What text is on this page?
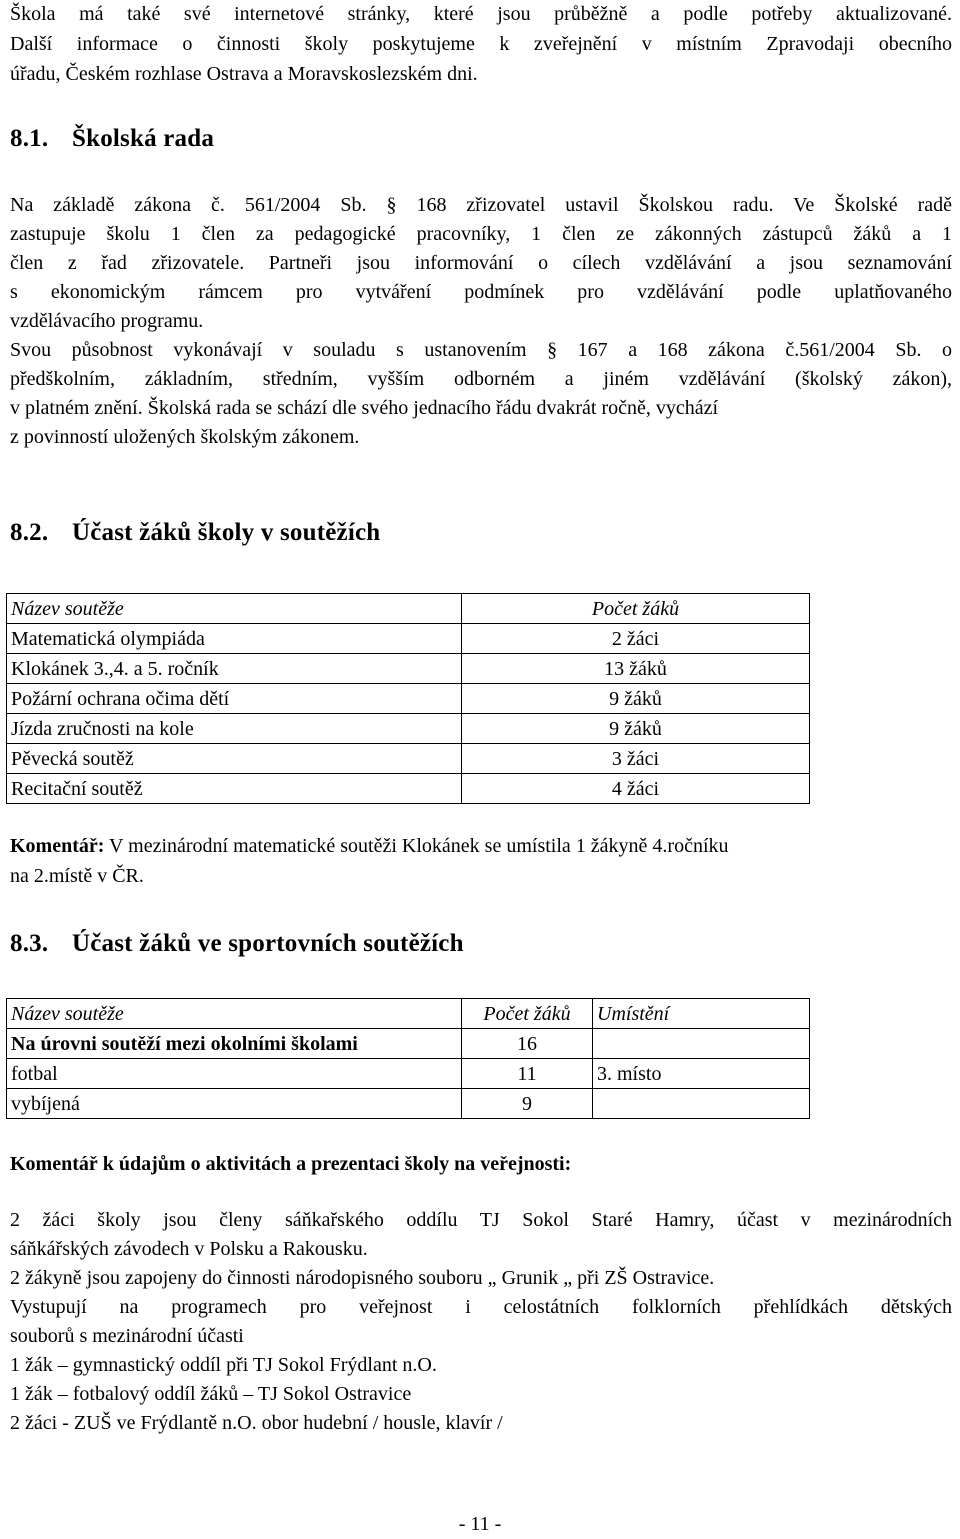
Škola má také své internetové stránky, které jsou průběžně a podle potřeby aktualizované.
Další informace o činnosti školy poskytujeme k zveřejnění v místním Zpravodaji obecního
úřadu, Českém rozhlase Ostrava a Moravskoslezském dni.
8.1. Školská rada
Na základě zákona č. 561/2004 Sb. § 168 zřizovatel ustavil Školskou radu. Ve Školské radě
zastupuje školu 1 člen za pedagogické pracovníky, 1 člen ze zákonných zástupců žáků a 1
člen z řad zřizovatele. Partneři jsou informování o cílech vzdělávání a jsou seznamování
s ekonomickým rámcem pro vytváření podmínek pro vzdělávání podle uplatňovaného
vzdělávacího programu.
Svou působnost vykonávají v souladu s ustanovením § 167 a 168 zákona č.561/2004 Sb. o
předškolním, základním, středním, vyšším odborném a jiném vzdělávání (školský zákon),
v platném znění. Školská rada se schází dle svého jednacího řádu dvakrát ročně, vychází
z povinností uložených školským zákonem.
8.2. Účast žáků školy v soutěžích
Název soutěže	Počet žáků
Matematická olympiáda	2 žáci
Klokánek 3.,4. a 5. ročník	13 žáků
Požární ochrana očima dětí	9 žáků
Jízda zručnosti na kole	9 žáků
Pěvecká soutěž	3 žáci
Recitační soutěž	4 žáci
Komentář: V mezinárodní matematické soutěži Klokánek se umístila 1 žákyně 4.ročníku
na 2.místě v ČR.
8.3. Účast žáků ve sportovních soutěžích
Název soutěže	Počet žáků	Umístění
Na úrovni soutěží mezi okolními školami	16	
fotbal	11	3. místo
vybíjená	9	
Komentář k údajům o aktivitách a prezentaci školy na veřejnosti:
2 žáci školy jsou členy sáňkařského oddílu TJ Sokol Staré Hamry, účast v mezinárodních
sáňkářských závodech v Polsku a Rakousku.
2 žákyně jsou zapojeny do činnosti národopisného souboru „ Grunik „ při ZŠ Ostravice.
Vystupují na programech pro veřejnost i celostátních folklorních přehlídkách dětských
souborů s mezinárodní účasti
1 žák – gymnastický oddíl při TJ Sokol Frýdlant n.O.
1 žák – fotbalový oddíl žáků – TJ Sokol Ostravice
2 žáci - ZUŠ ve Frýdlantě n.O. obor hudební / housle, klavír /
- 11 -
